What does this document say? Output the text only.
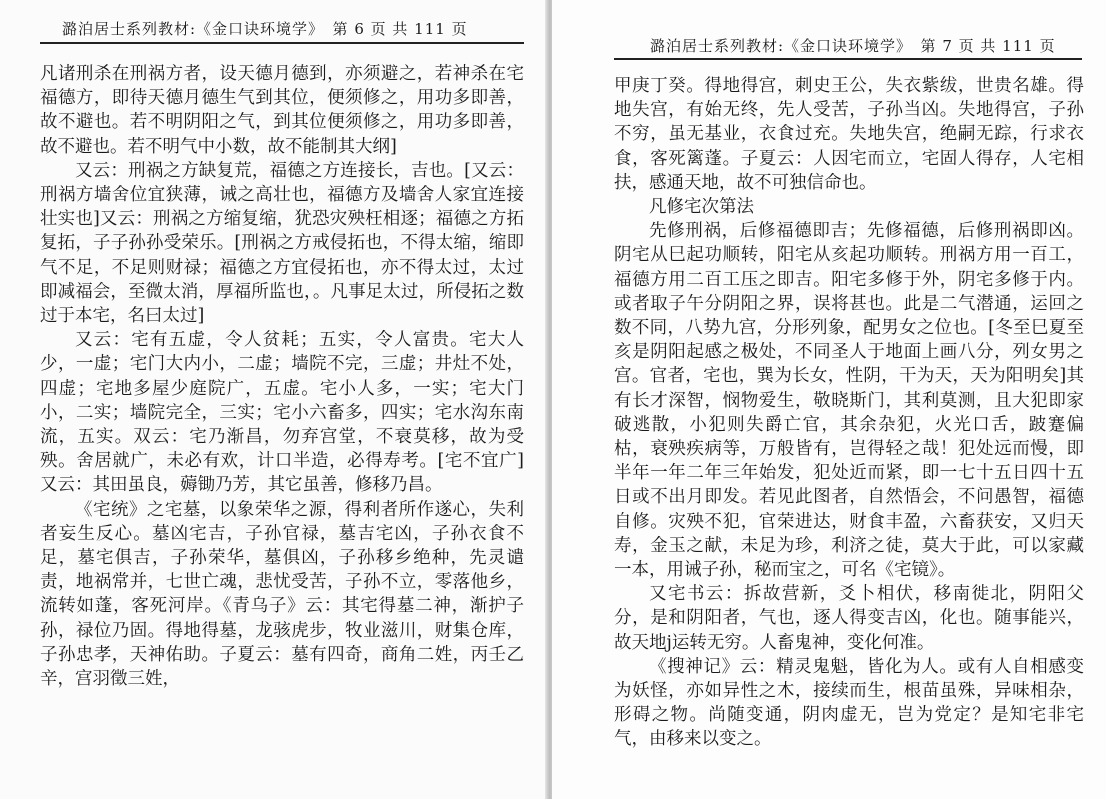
潞泊居士系列教材:《金口诀环境学》　第 6 页 共 111 页

凡诸刑杀在刑祸方者，设天德月德到，亦须避之，若神杀在宅福德方，即待天德月德生气到其位，便须修之，用功多即善，故不避也。若不明阴阳之气，到其位便须修之，用功多即善，故不避也。若不明气中小数，故不能制其大纲]

又云：刑祸之方缺复荒，福德之方连接长，吉也。[又云：刑祸方墙舍位宜狭薄，诫之高壮也，福德方及墙舍人家宜连接壮实也]又云：刑祸之方缩复缩，犹恐灾殃枉相逐；福德之方拓复拓，子子孙孙受荣乐。[刑祸之方戒侵拓也，不得太缩，缩即气不足，不足则财禄；福德之方宜侵拓也，亦不得太过，太过即减福会，至微太消，厚福所监也，。凡事足太过，所侵拓之数过于本宅，名曰太过]

又云：宅有五虚，令人贫耗；五实，令人富贵。宅大人少，一虚；宅门大内小，二虚；墙院不完，三虚；井灶不处，四虚；宅地多屋少庭院广，五虚。宅小人多，一实；宅大门小，二实；墙院完全，三实；宅小六畜多，四实；宅水沟东南流，五实。双云：宅乃渐昌，勿弃宫堂，不衰莫移，故为受殃。舍居就广，未必有欢，计口半造，必得寿考。[宅不宜广]又云：其田虽良，薅锄乃芳，其它虽善，修移乃昌。

《宅统》之宅墓，以象荣华之源，得利者所作遂心，失利者妄生反心。墓凶宅吉，子孙官禄，墓吉宅凶，子孙衣食不足，墓宅俱吉，子孙荣华，墓俱凶，子孙移乡绝种，先灵谴责，地祸常并，七世亡魂，悲忧受苦，子孙不立，零落他乡，流转如蓬，客死河岸。《青乌子》云：其宅得墓二神，渐护子孙，禄位乃固。得地得墓，龙骇虎步，牧业滋川，财集仓库，子孙忠孝，天神佑助。子夏云：墓有四奇，商角二姓，丙壬乙辛，宫羽徵三姓，

潞泊居士系列教材:《金口诀环境学》　第 7 页 共 111 页

甲庚丁癸。得地得宫，刺史王公，失衣紫绂，世贵名雄。得地失宫，有始无终，先人受苦，子孙当凶。失地得宫，子孙不穷，虽无基业，衣食过充。失地失宫，绝嗣无踪，行求衣食，客死篱蓬。子夏云：人因宅而立，宅固人得存，人宅相扶，感通天地，故不可独信命也。

凡修宅次第法

先修刑祸，后修福德即吉；先修福德，后修刑祸即凶。阴宅从巳起功顺转，阳宅从亥起功顺转。刑祸方用一百工，福德方用二百工压之即吉。阳宅多修于外，阴宅多修于内。或者取子午分阴阳之界，误将甚也。此是二气潜通，运回之数不同，八势九宫，分形列象，配男女之位也。[冬至巳夏至亥是阴阳起感之极处，不同圣人于地面上画八分，列女男之宫。官者，宅也，巽为长女，性阴，干为天，天为阳明矣]其有长才深智，悯物爱生，敬晓斯门，其利莫测，且大犯即家破逃散，小犯则失爵亡官，其余杂犯，火光口舌，跛蹇偏枯，衰殃疾病等，万般皆有，岂得轻之哉！犯处远而慢，即半年一年二年三年始发，犯处近而紧，即一七十五日四十五日或不出月即发。若见此图者，自然悟会，不问愚智，福德自修。灾殃不犯，官荣进达，财食丰盈，六畜获安，又归天寿，金玉之献，未足为珍，利济之徒，莫大于此，可以家藏一本，用诫子孙，秘而宝之，可名《宅镜》。

又宅书云：拆故营新，爻卜相伏，移南徙北，阴阳父分，是和阴阳者，气也，逐人得变吉凶，化也。随事能兴，故天地j运转无穷。人畜鬼神，变化何准。

《搜神记》云：精灵鬼魁，皆化为人。或有人自相感变为妖怪，亦如异性之木，接续而生，根苗虽殊，异味相杂，形碍之物。尚随变通，阴肉虚无，岂为党定？是知宅非宅气，由移来以变之。
